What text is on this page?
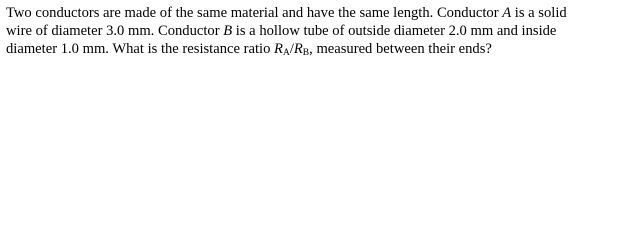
Two conductors are made of the same material and have the same length. Conductor A is a solid
wire of diameter 3.0 mm. Conductor B is a hollow tube of outside diameter 2.0 mm and inside
diameter 1.0 mm. What is the resistance ratio $R_A/R_B$, measured between their ends?
